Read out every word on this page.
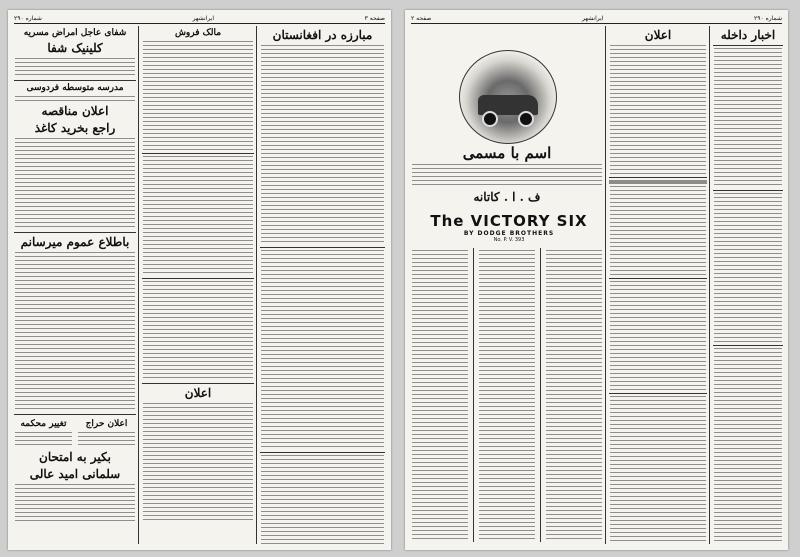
شماره ۲۹۰	ایرانشهر	صفحه ۳
شفای عاجل امراض مسریه
کلینیک شفا
مدرسه متوسطه فردوسی
اعلان مناقصه
راجع بخرید کاغذ
باطلاع عموم میرسانم
تغییر محکمه	اعلان حراج
بکیر به امتحان
سلمانی امید عالی
مالک فروش
اعلان
مبارزه در افغانستان
صفحه ۲	ایرانشهر	شماره ۲۹۰
اسم با مسمی
ف . ا . کاتانه
The VICTORY SIX
BY DODGE BROTHERS
No. P. V. 393
اعلان	اخبار داخله
